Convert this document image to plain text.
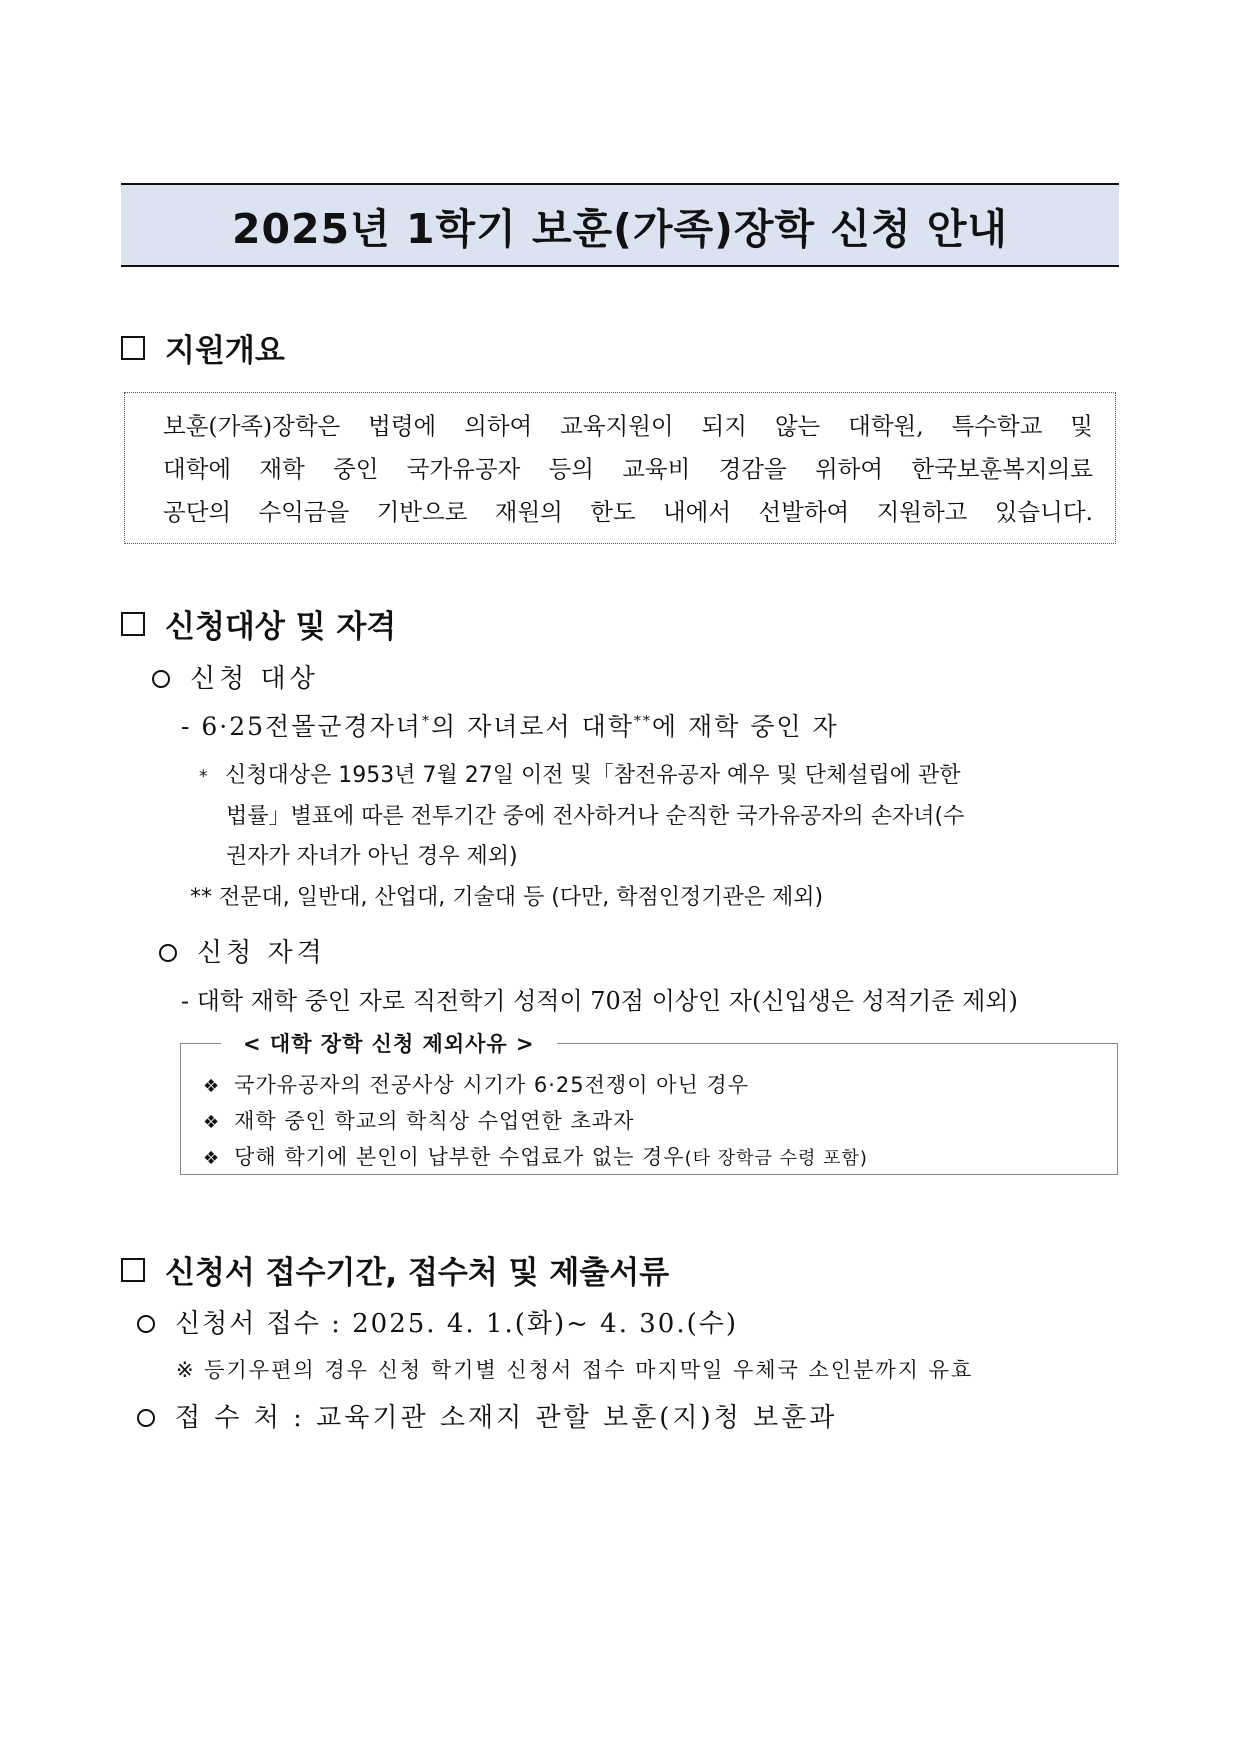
2025년 1학기 보훈(가족)장학 신청 안내
지원개요
보훈(가족)장학은 법령에 의하여 교육지원이 되지 않는 대학원, 특수학교 및
대학에 재학 중인 국가유공자 등의 교육비 경감을 위하여 한국보훈복지의료
공단의 수익금을 기반으로 재원의 한도 내에서 선발하여 지원하고 있습니다.
신청대상 및 자격
신청 대상
- 6·25전몰군경자녀*의 자녀로서 대학**에 재학 중인 자
* 신청대상은 1953년 7월 27일 이전 및「참전유공자 예우 및 단체설립에 관한
법률」별표에 따른 전투기간 중에 전사하거나 순직한 국가유공자의 손자녀(수
권자가 자녀가 아닌 경우 제외)
** 전문대, 일반대, 산업대, 기술대 등 (다만, 학점인정기관은 제외)
신청 자격
- 대학 재학 중인 자로 직전학기 성적이 70점 이상인 자(신입생은 성적기준 제외)
< 대학 장학 신청 제외사유 >
❖ 국가유공자의 전공사상 시기가 6·25전쟁이 아닌 경우
❖ 재학 중인 학교의 학칙상 수업연한 초과자
❖ 당해 학기에 본인이 납부한 수업료가 없는 경우(타 장학금 수령 포함)
신청서 접수기간, 접수처 및 제출서류
신청서 접수 : 2025. 4. 1.(화)~ 4. 30.(수)
※ 등기우편의 경우 신청 학기별 신청서 접수 마지막일 우체국 소인분까지 유효
접 수 처 : 교육기관 소재지 관할 보훈(지)청 보훈과
